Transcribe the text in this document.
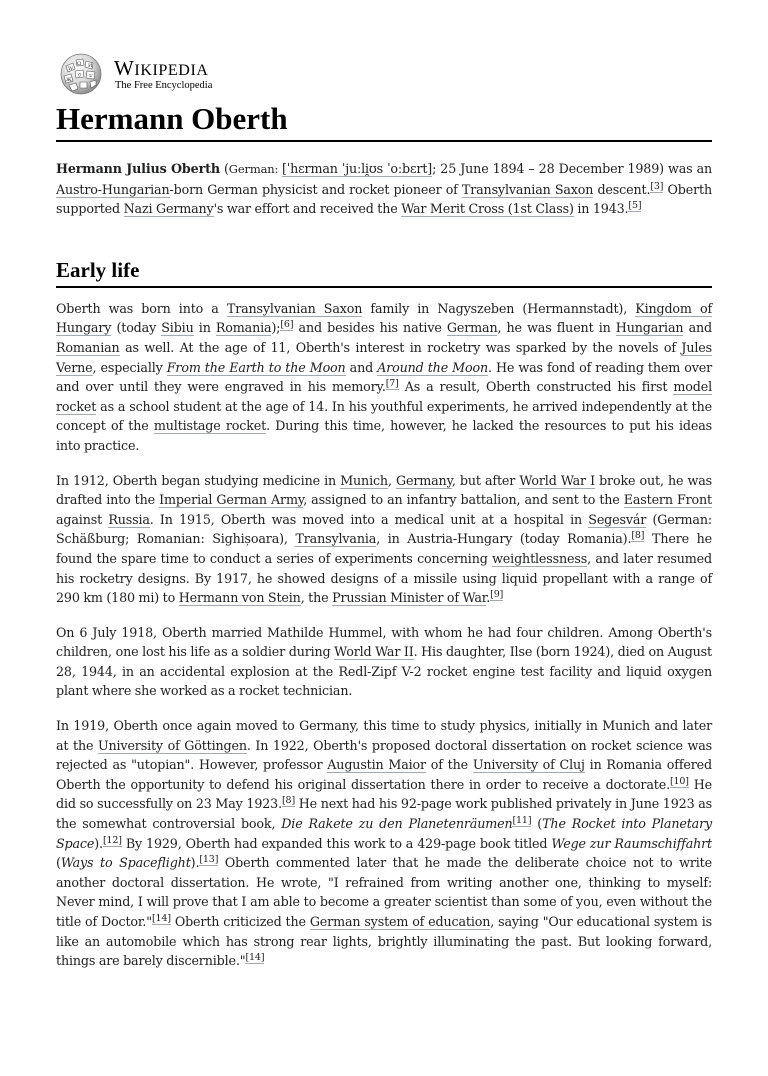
W
Ω И
ウ
Ж
ש WIKIPEDIA
The Free Encyclopedia
Hermann Oberth

Hermann Julius Oberth (German: [ˈhɛrman ˈjuːli̯ʊs ˈoːbɛrt]; 25 June 1894 – 28 December 1989) was an Austro-Hungarian-born German physicist and rocket pioneer of Transylvanian Saxon descent.[3] Oberth supported Nazi Germany's war effort and received the War Merit Cross (1st Class) in 1943.[5]

Early life

Oberth was born into a Transylvanian Saxon family in Nagyszeben (Hermannstadt), Kingdom of Hungary (today Sibiu in Romania);[6] and besides his native German, he was fluent in Hungarian and Romanian as well. At the age of 11, Oberth's interest in rocketry was sparked by the novels of Jules Verne, especially From the Earth to the Moon and Around the Moon. He was fond of reading them over and over until they were engraved in his memory.[7] As a result, Oberth constructed his first model rocket as a school student at the age of 14. In his youthful experiments, he arrived independently at the concept of the multistage rocket. During this time, however, he lacked the resources to put his ideas into practice.

In 1912, Oberth began studying medicine in Munich, Germany, but after World War I broke out, he was drafted into the Imperial German Army, assigned to an infantry battalion, and sent to the Eastern Front against Russia. In 1915, Oberth was moved into a medical unit at a hospital in Segesvár (German: Schäßburg; Romanian: Sighișoara), Transylvania, in Austria-Hungary (today Romania).[8] There he found the spare time to conduct a series of experiments concerning weightlessness, and later resumed his rocketry designs. By 1917, he showed designs of a missile using liquid propellant with a range of 290 km (180 mi) to Hermann von Stein, the Prussian Minister of War.[9]

On 6 July 1918, Oberth married Mathilde Hummel, with whom he had four children. Among Oberth's children, one lost his life as a soldier during World War II. His daughter, Ilse (born 1924), died on August 28, 1944, in an accidental explosion at the Redl-Zipf V-2 rocket engine test facility and liquid oxygen plant where she worked as a rocket technician.

In 1919, Oberth once again moved to Germany, this time to study physics, initially in Munich and later at the University of Göttingen. In 1922, Oberth's proposed doctoral dissertation on rocket science was rejected as "utopian". However, professor Augustin Maior of the University of Cluj in Romania offered Oberth the opportunity to defend his original dissertation there in order to receive a doctorate.[10] He did so successfully on 23 May 1923.[8] He next had his 92-page work published privately in June 1923 as the somewhat controversial book, Die Rakete zu den Planetenräumen[11] (The Rocket into Planetary Space).[12] By 1929, Oberth had expanded this work to a 429-page book titled Wege zur Raumschiffahrt (Ways to Spaceflight).[13] Oberth commented later that he made the deliberate choice not to write another doctoral dissertation. He wrote, "I refrained from writing another one, thinking to myself: Never mind, I will prove that I am able to become a greater scientist than some of you, even without the title of Doctor."[14] Oberth criticized the German system of education, saying "Our educational system is like an automobile which has strong rear lights, brightly illuminating the past. But looking forward, things are barely discernible."[14]
